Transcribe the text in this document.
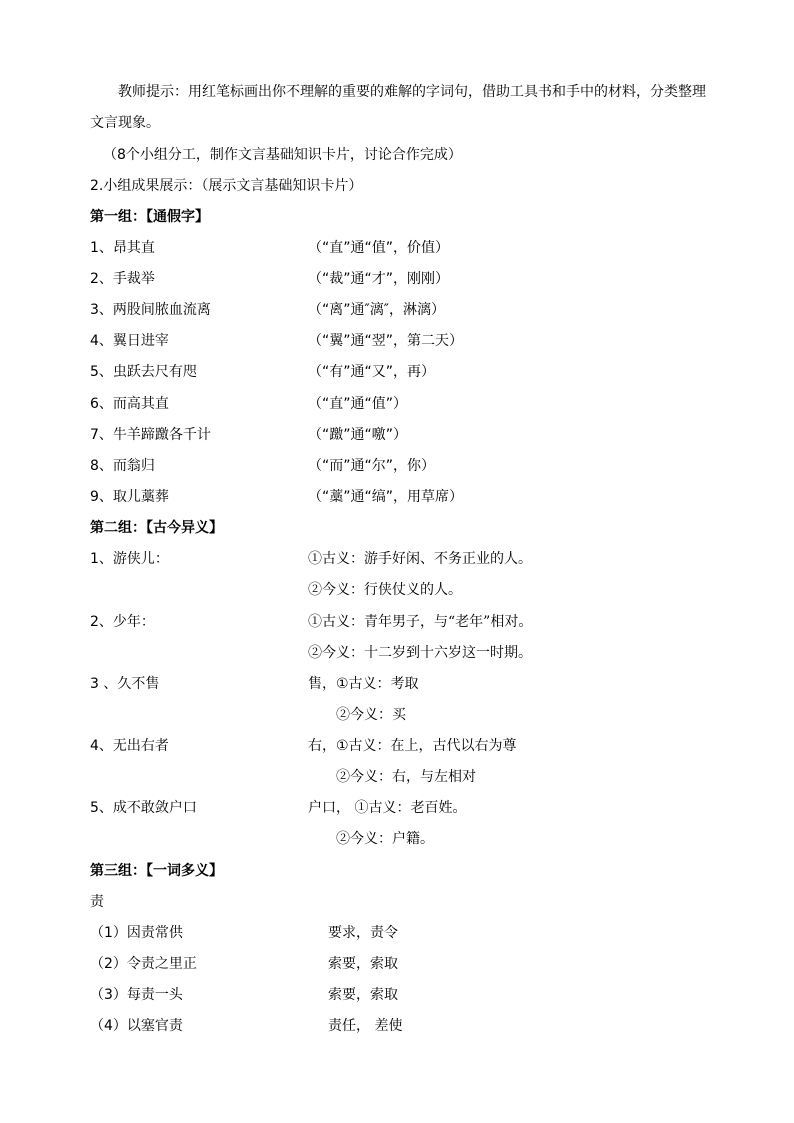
教师提示：用红笔标画出你不理解的重要的难解的字词句，借助工具书和手中的材料，分类整理
文言现象。
（8个小组分工，制作文言基础知识卡片，讨论合作完成）
2.小组成果展示：（展示文言基础知识卡片）
第一组：【通假字】
1、昂其直	（“直”通“值”，价值）
2、手裁举	（“裁”通“才”，刚刚）
3、两股间脓血流离	（“离”通″漓″，淋漓）
4、翼日进宰	（“翼”通“翌”，第二天）
5、虫跃去尺有咫	（“有”通“又”，再）
6、而高其直	（“直”通“值”）
7、牛羊蹄躈各千计	（“躈”通“噭”）
8、而翁归	（“而”通“尔”，你）
9、取儿藁葬	（“藁”通“缟”，用草席）
第二组：【古今异义】
1、游侠儿：	①古义：游手好闲、不务正业的人。
②今义：行侠仗义的人。
2、少年：	①古义：青年男子，与“老年”相对。
②今义：十二岁到十六岁这一时期。
3 、久不售	售，①古义：考取
②今义：买
4、无出右者	右，①古义：在上，古代以右为尊
②今义：右，与左相对
5、成不敢敛户口	户口， ①古义：老百姓。
②今义：户籍。
第三组：【一词多义】
责
（1）因责常供	要求，责令
（2）令责之里正	索要，索取
（3）每责一头	索要，索取
（4）以塞官责	责任， 差使
